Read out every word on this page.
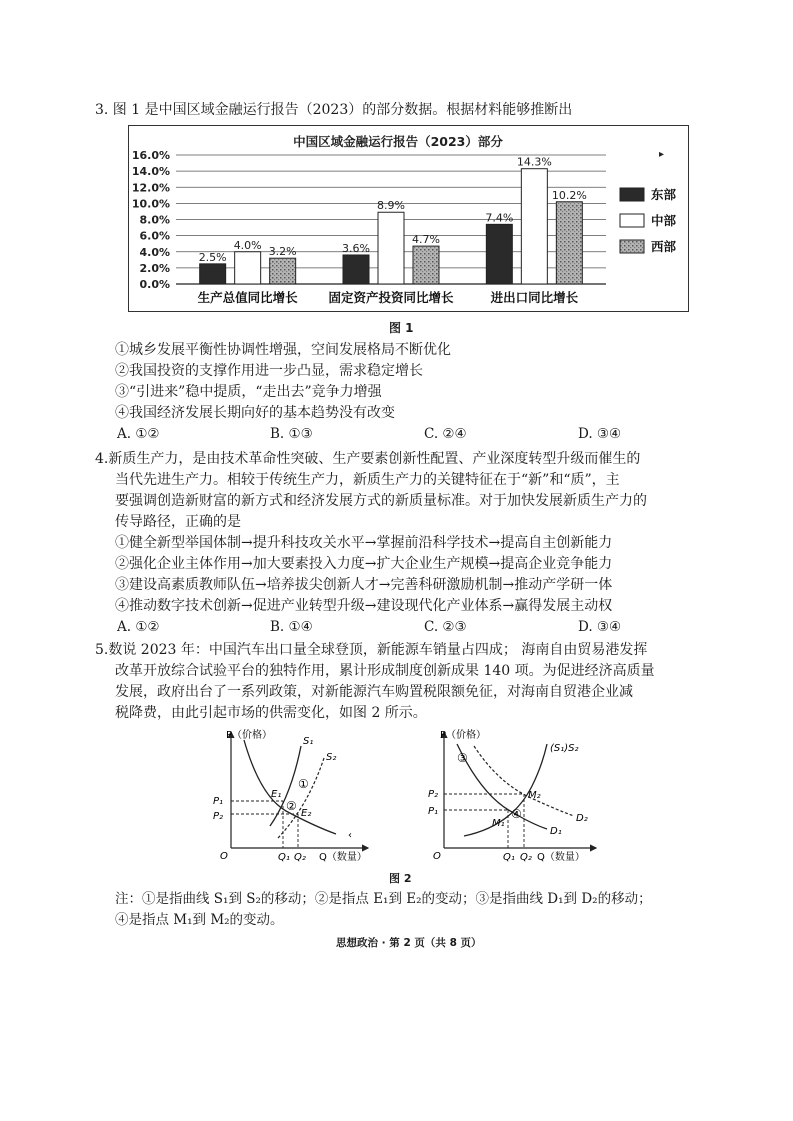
3. 图 1 是中国区域金融运行报告（2023）的部分数据。根据材料能够推断出
中国区域金融运行报告（2023）部分
0.0%
2.0%
4.0%
6.0%
8.0%
10.0%
12.0%
14.0%
16.0%
2.5%
4.0% 3.2%	3.6%
8.9%
4.7%
7.4%
14.3%
10.2%
生产总值同比增长 固定资产投资同比增长	进出口同比增长
东部
中部
西部
▸
图 1
①城乡发展平衡性协调性增强，空间发展格局不断优化
②我国投资的支撑作用进一步凸显，需求稳定增长
③“引进来”稳中提质，“走出去”竞争力增强
④我国经济发展长期向好的基本趋势没有改变
A. ①②	B. ①③	C. ②④	D. ③④
4.新质生产力，是由技术革命性突破、生产要素创新性配置、产业深度转型升级而催生的
当代先进生产力。相较于传统生产力，新质生产力的关键特征在于“新”和“质”，主
要强调创造新财富的新方式和经济发展方式的新质量标准。对于加快发展新质生产力的
传导路径，正确的是
①健全新型举国体制→提升科技攻关水平→掌握前沿科学技术→提高自主创新能力
②强化企业主体作用→加大要素投入力度→扩大企业生产规模→提高企业竞争能力
③建设高素质教师队伍→培养拔尖创新人才→完善科研激励机制→推动产学研一体
④推动数字技术创新→促进产业转型升级→建设现代化产业体系→赢得发展主动权
A. ①②	B. ①④	C. ②③	D. ③④
5.数说 2023 年：中国汽车出口量全球登顶，新能源车销量占四成； 海南自由贸易港发挥
改革开放综合试验平台的独特作用，累计形成制度创新成果 140 项。为促进经济高质量
发展，政府出台了一系列政策，对新能源汽车购置税限额免征，对海南自贸港企业减
税降费，由此引起市场的供需变化，如图 2 所示。
P（价格）
Q（数量）
O
S₁
S₂
P₁
P₂
Q₁ Q₂
E₁
E₂
①
②
‹
P（价格）
Q（数量）
O
(S₁)S₂
D₁
D₂
P₂
P₁
Q₁ Q₂
M₁
M₂
③
④
图 2
注：①是指曲线 S₁到 S₂的移动；②是指点 E₁到 E₂的变动；③是指曲线 D₁到 D₂的移动；
④是指点 M₁到 M₂的变动。
思想政治 · 第 2 页（共 8 页）
